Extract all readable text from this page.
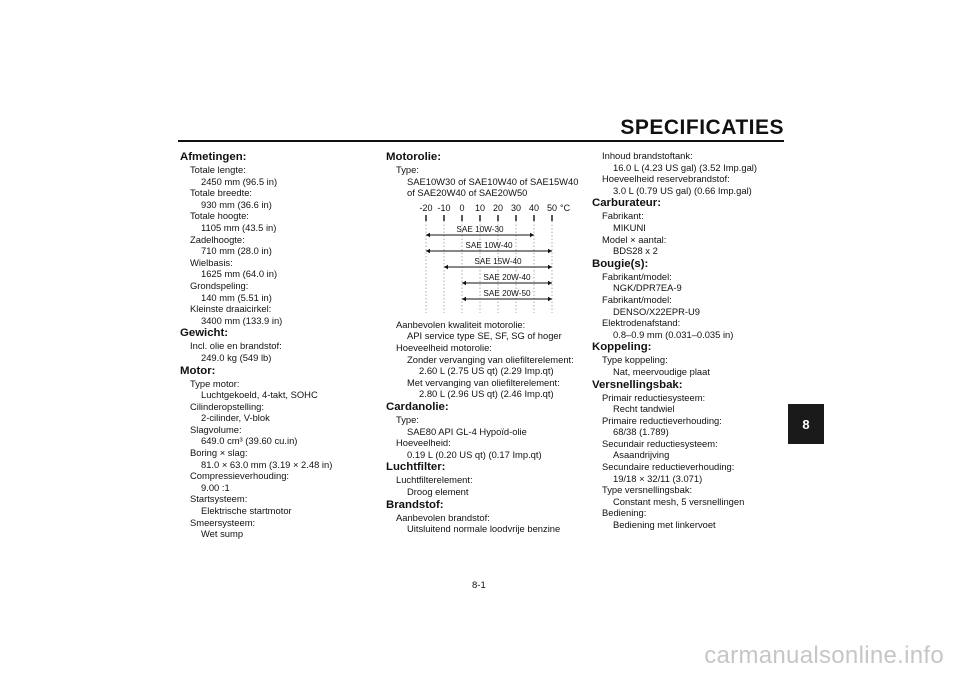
SPECIFICATIES
Afmetingen:
Totale lengte:
2450 mm (96.5 in)
Totale breedte:
930 mm (36.6 in)
Totale hoogte:
1105 mm (43.5 in)
Zadelhoogte:
710 mm (28.0 in)
Wielbasis:
1625 mm (64.0 in)
Grondspeling:
140 mm (5.51 in)
Kleinste draaicirkel:
3400 mm (133.9 in)
Gewicht:
Incl. olie en brandstof:
249.0 kg (549 lb)
Motor:
Type motor:
Luchtgekoeld, 4-takt, SOHC
Cilinderopstelling:
2-cilinder, V-blok
Slagvolume:
649.0 cm³ (39.60 cu.in)
Boring × slag:
81.0 × 63.0 mm (3.19 × 2.48 in)
Compressieverhouding:
9.00 :1
Startsysteem:
Elektrische startmotor
Smeersysteem:
Wet sump
Motorolie:
Type:
SAE10W30 of SAE10W40 of SAE15W40
of SAE20W40 of SAE20W50
-20 -10 0 10 20 30 40 50 °C
SAE 10W-30
SAE 10W-40
SAE 15W-40
SAE 20W-40
SAE 20W-50
Aanbevolen kwaliteit motorolie:
API service type SE, SF, SG of hoger
Hoeveelheid motorolie:
Zonder vervanging van oliefilterelement:
2.60 L (2.75 US qt) (2.29 Imp.qt)
Met vervanging van oliefilterelement:
2.80 L (2.96 US qt) (2.46 Imp.qt)
Cardanolie:
Type:
SAE80 API GL-4 Hypoïd-olie
Hoeveelheid:
0.19 L (0.20 US qt) (0.17 Imp.qt)
Luchtfilter:
Luchtfilterelement:
Droog element
Brandstof:
Aanbevolen brandstof:
Uitsluitend normale loodvrije benzine
Inhoud brandstoftank:
16.0 L (4.23 US gal) (3.52 Imp.gal)
Hoeveelheid reservebrandstof:
3.0 L (0.79 US gal) (0.66 Imp.gal)
Carburateur:
Fabrikant:
MIKUNI
Model × aantal:
BDS28 x 2
Bougie(s):
Fabrikant/model:
NGK/DPR7EA-9
Fabrikant/model:
DENSO/X22EPR-U9
Elektrodenafstand:
0.8–0.9 mm (0.031–0.035 in)
Koppeling:
Type koppeling:
Nat, meervoudige plaat
Versnellingsbak:
Primair reductiesysteem:
Recht tandwiel
Primaire reductieverhouding:
68/38 (1.789)
Secundair reductiesysteem:
Asaandrijving
Secundaire reductieverhouding:
19/18 × 32/11 (3.071)
Type versnellingsbak:
Constant mesh, 5 versnellingen
Bediening:
Bediening met linkervoet
8
8-1
carmanualsonline.info
